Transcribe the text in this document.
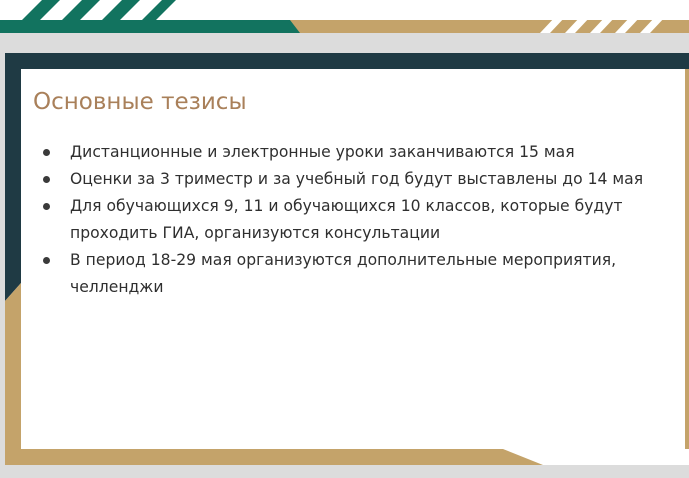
Основные тезисы
Дистанционные и электронные уроки заканчиваются 15 мая
Оценки за 3 триместр и за учебный год будут выставлены до 14 мая
Для обучающихся 9, 11 и обучающихся 10 классов, которые будут проходить ГИА, организуются консультации
В период 18-29 мая организуются дополнительные мероприятия, челленджи
